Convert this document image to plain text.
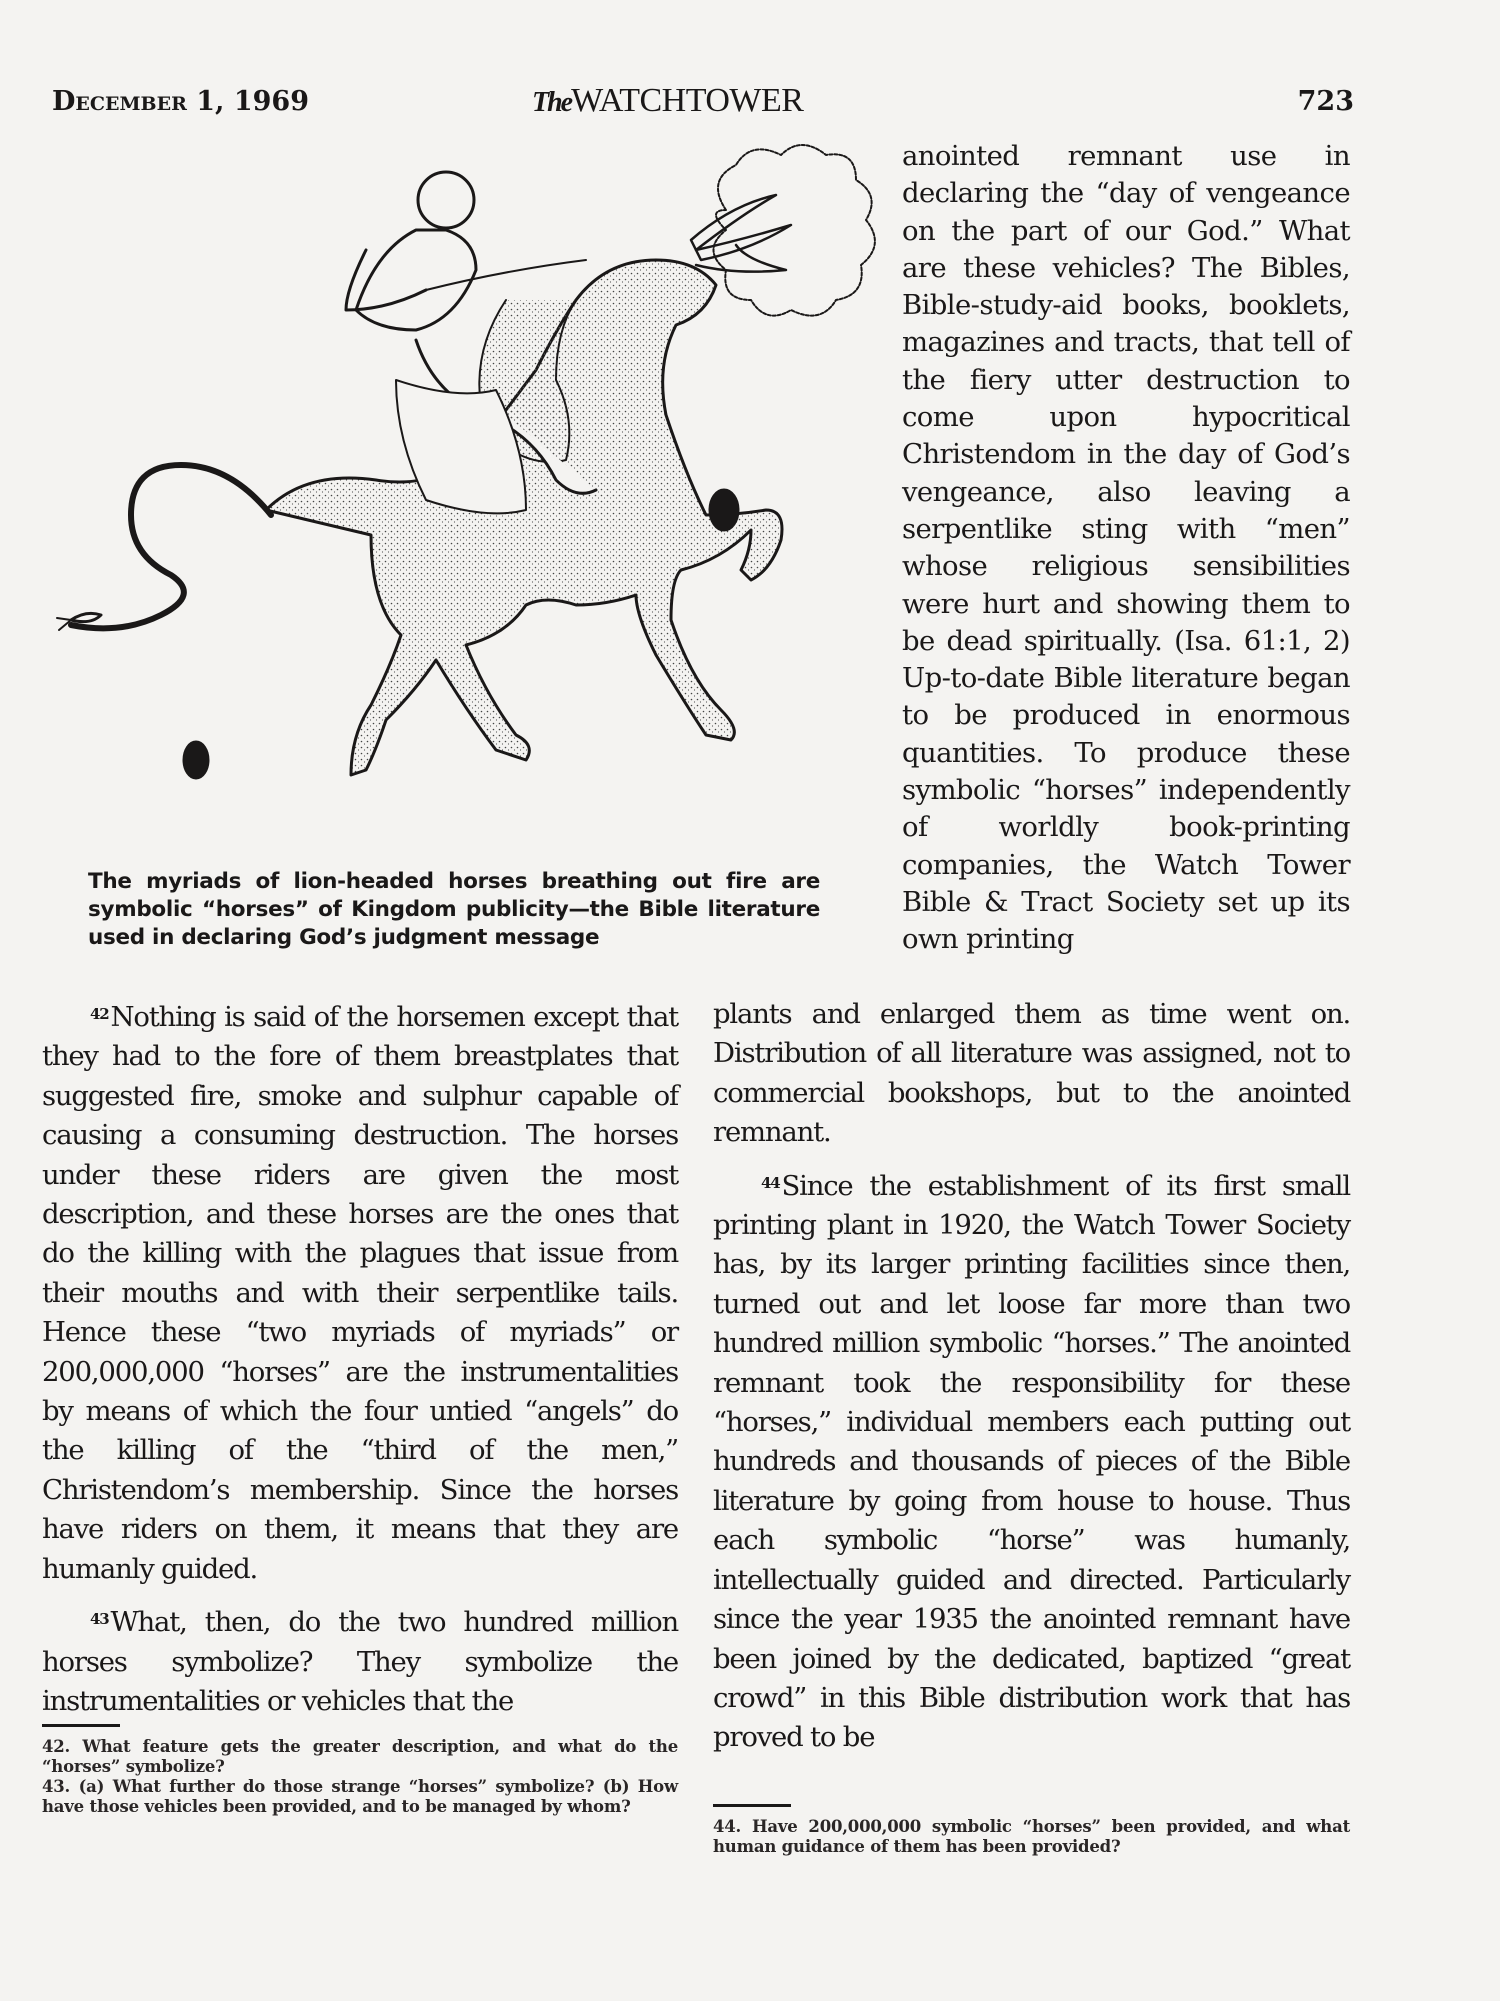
December 1, 1969	TheWATCHTOWER	723
The myriads of lion-headed horses breathing out fire are symbolic “horses” of Kingdom publicity—the Bible literature used in declaring God’s judgment message

anointed remnant use in declaring the “day of vengeance on the part of our God.” What are these vehicles? The Bibles, Bible-study-aid books, booklets, magazines and tracts, that tell of the fiery utter destruction to come upon hypocritical Christendom in the day of God’s vengeance, also leaving a serpentlike sting with “men” whose religious sensibilities were hurt and showing them to be dead spiritually. (Isa. 61:1, 2) Up-to-date Bible literature began to be produced in enormous quantities. To produce these symbolic “horses” independently of worldly book-printing companies, the Watch Tower Bible & Tract Society set up its own printing

$^{42}$Nothing is said of the horsemen except that they had to the fore of them breastplates that suggested fire, smoke and sulphur capable of causing a consuming destruction. The horses under these riders are given the most description, and these horses are the ones that do the killing with the plagues that issue from their mouths and with their serpentlike tails. Hence these “two myriads of myriads” or 200,000,000 “horses” are the instrumentalities by means of which the four untied “angels” do the killing of the “third of the men,” Christendom’s membership. Since the horses have riders on them, it means that they are humanly guided.

$^{43}$What, then, do the two hundred million horses symbolize? They symbolize the instrumentalities or vehicles that the

42. What feature gets the greater description, and what do the “horses” symbolize?

43. (a) What further do those strange “horses” symbolize? (b) How have those vehicles been provided, and to be managed by whom?

plants and enlarged them as time went on. Distribution of all literature was assigned, not to commercial bookshops, but to the anointed remnant.

$^{44}$Since the establishment of its first small printing plant in 1920, the Watch Tower Society has, by its larger printing facilities since then, turned out and let loose far more than two hundred million symbolic “horses.” The anointed remnant took the responsibility for these “horses,” individual members each putting out hundreds and thousands of pieces of the Bible literature by going from house to house. Thus each symbolic “horse” was humanly, intellectually guided and directed. Particularly since the year 1935 the anointed remnant have been joined by the dedicated, baptized “great crowd” in this Bible distribution work that has proved to be

44. Have 200,000,000 symbolic “horses” been provided, and what human guidance of them has been provided?
